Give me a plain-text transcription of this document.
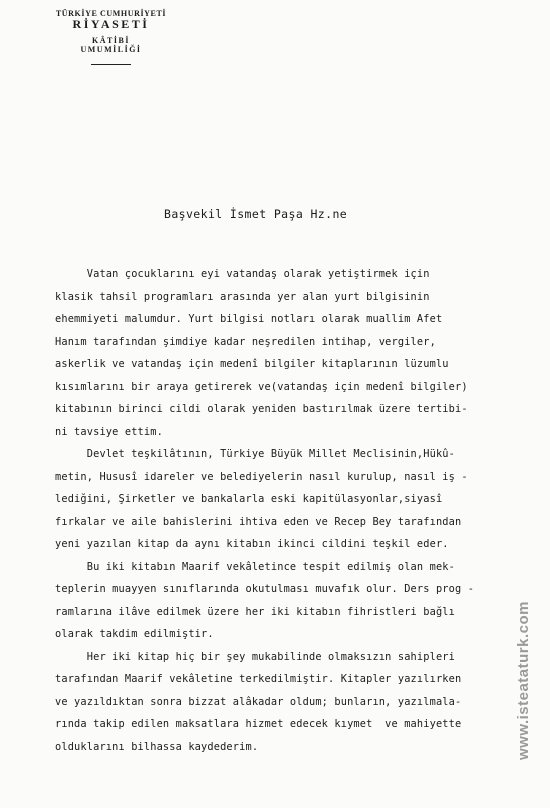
TÜRKİYE CUMHURİYETİ
RİYASETİ
KÂTİBİ
UMUMİLİĞİ
Başvekil İsmet Paşa Hz.ne
Vatan çocuklarını eyi vatandaş olarak yetiştirmek için
klasik tahsil programları arasında yer alan yurt bilgisinin
ehemmiyeti malumdur. Yurt bilgisi notları olarak muallim Afet
Hanım tarafından şimdiye kadar neşredilen intihap, vergiler,
askerlik ve vatandaş için medenî bilgiler kitaplarının lüzumlu
kısımlarını bir araya getirerek ve(vatandaş için medenî bilgiler)
kitabının birinci cildi olarak yeniden bastırılmak üzere tertibi-
ni tavsiye ettim.
Devlet teşkilâtının, Türkiye Büyük Millet Meclisinin,Hükû-
metin, Hususî idareler ve belediyelerin nasıl kurulup, nasıl iş -
lediğini, Şirketler ve bankalarla eski kapitülasyonlar,siyasî
fırkalar ve aile bahislerini ihtiva eden ve Recep Bey tarafından
yeni yazılan kitap da aynı kitabın ikinci cildini teşkil eder.
Bu iki kitabın Maarif vekâletince tespit edilmiş olan mek-
teplerin muayyen sınıflarında okutulması muvafık olur. Ders prog -
ramlarına ilâve edilmek üzere her iki kitabın fihristleri bağlı
olarak takdim edilmiştir.
Her iki kitap hiç bir şey mukabilinde olmaksızın sahipleri
tarafından Maarif vekâletine terkedilmiştir. Kitapler yazılırken
ve yazıldıktan sonra bizzat alâkadar oldum; bunların, yazılmala-
rında takip edilen maksatlara hizmet edecek kıymet  ve mahiyette
olduklarını bilhassa kaydederim.	www.isteataturk.com
